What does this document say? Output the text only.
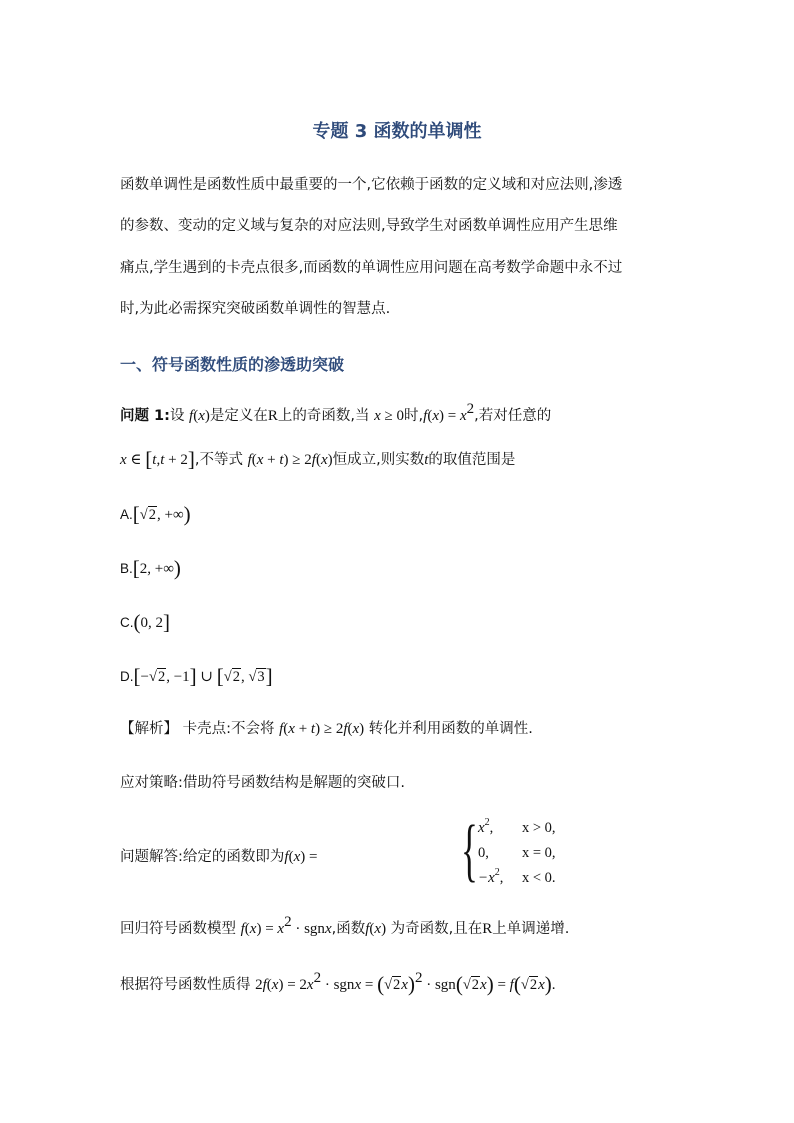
专题 3 函数的单调性
函数单调性是函数性质中最重要的一个,它依赖于函数的定义域和对应法则,渗透
的参数、变动的定义域与复杂的对应法则,导致学生对函数单调性应用产生思维
痛点,学生遇到的卡壳点很多,而函数的单调性应用问题在高考数学命题中永不过
时,为此必需探究突破函数单调性的智慧点.
一、符号函数性质的渗透助突破
问题 1:设 f(x)是定义在R上的奇函数,当 x ≥ 0时$,f(x) = x^2$,若对任意的
x ∈ [t,t + 2],不等式 f(x + t) ≥ 2f(x)恒成立,则实数t的取值范围是
A.[√2, +∞)
B.[2, +∞)
C.(0, 2]
D.[−√2, −1] ∪ [√2, √3]
【解析】 卡壳点:不会将 f(x + t) ≥ 2f(x) 转化并利用函数的单调性.
应对策略:借助符号函数结构是解题的突破口.
问题解答:给定的函数即为f(x) = { $x^2$, x > 0,
0, x = 0,
$-x^2$, x < 0.
回归符号函数模型 $f(x) = x^2$ · sgnx,函数f(x) 为奇函数,且在R上单调递增.
根据符号函数性质得 $2f(x) = 2x^2$ · sgnx = $(√2x)^2 \cdot sgn(√2x) = f(√2x)$.
